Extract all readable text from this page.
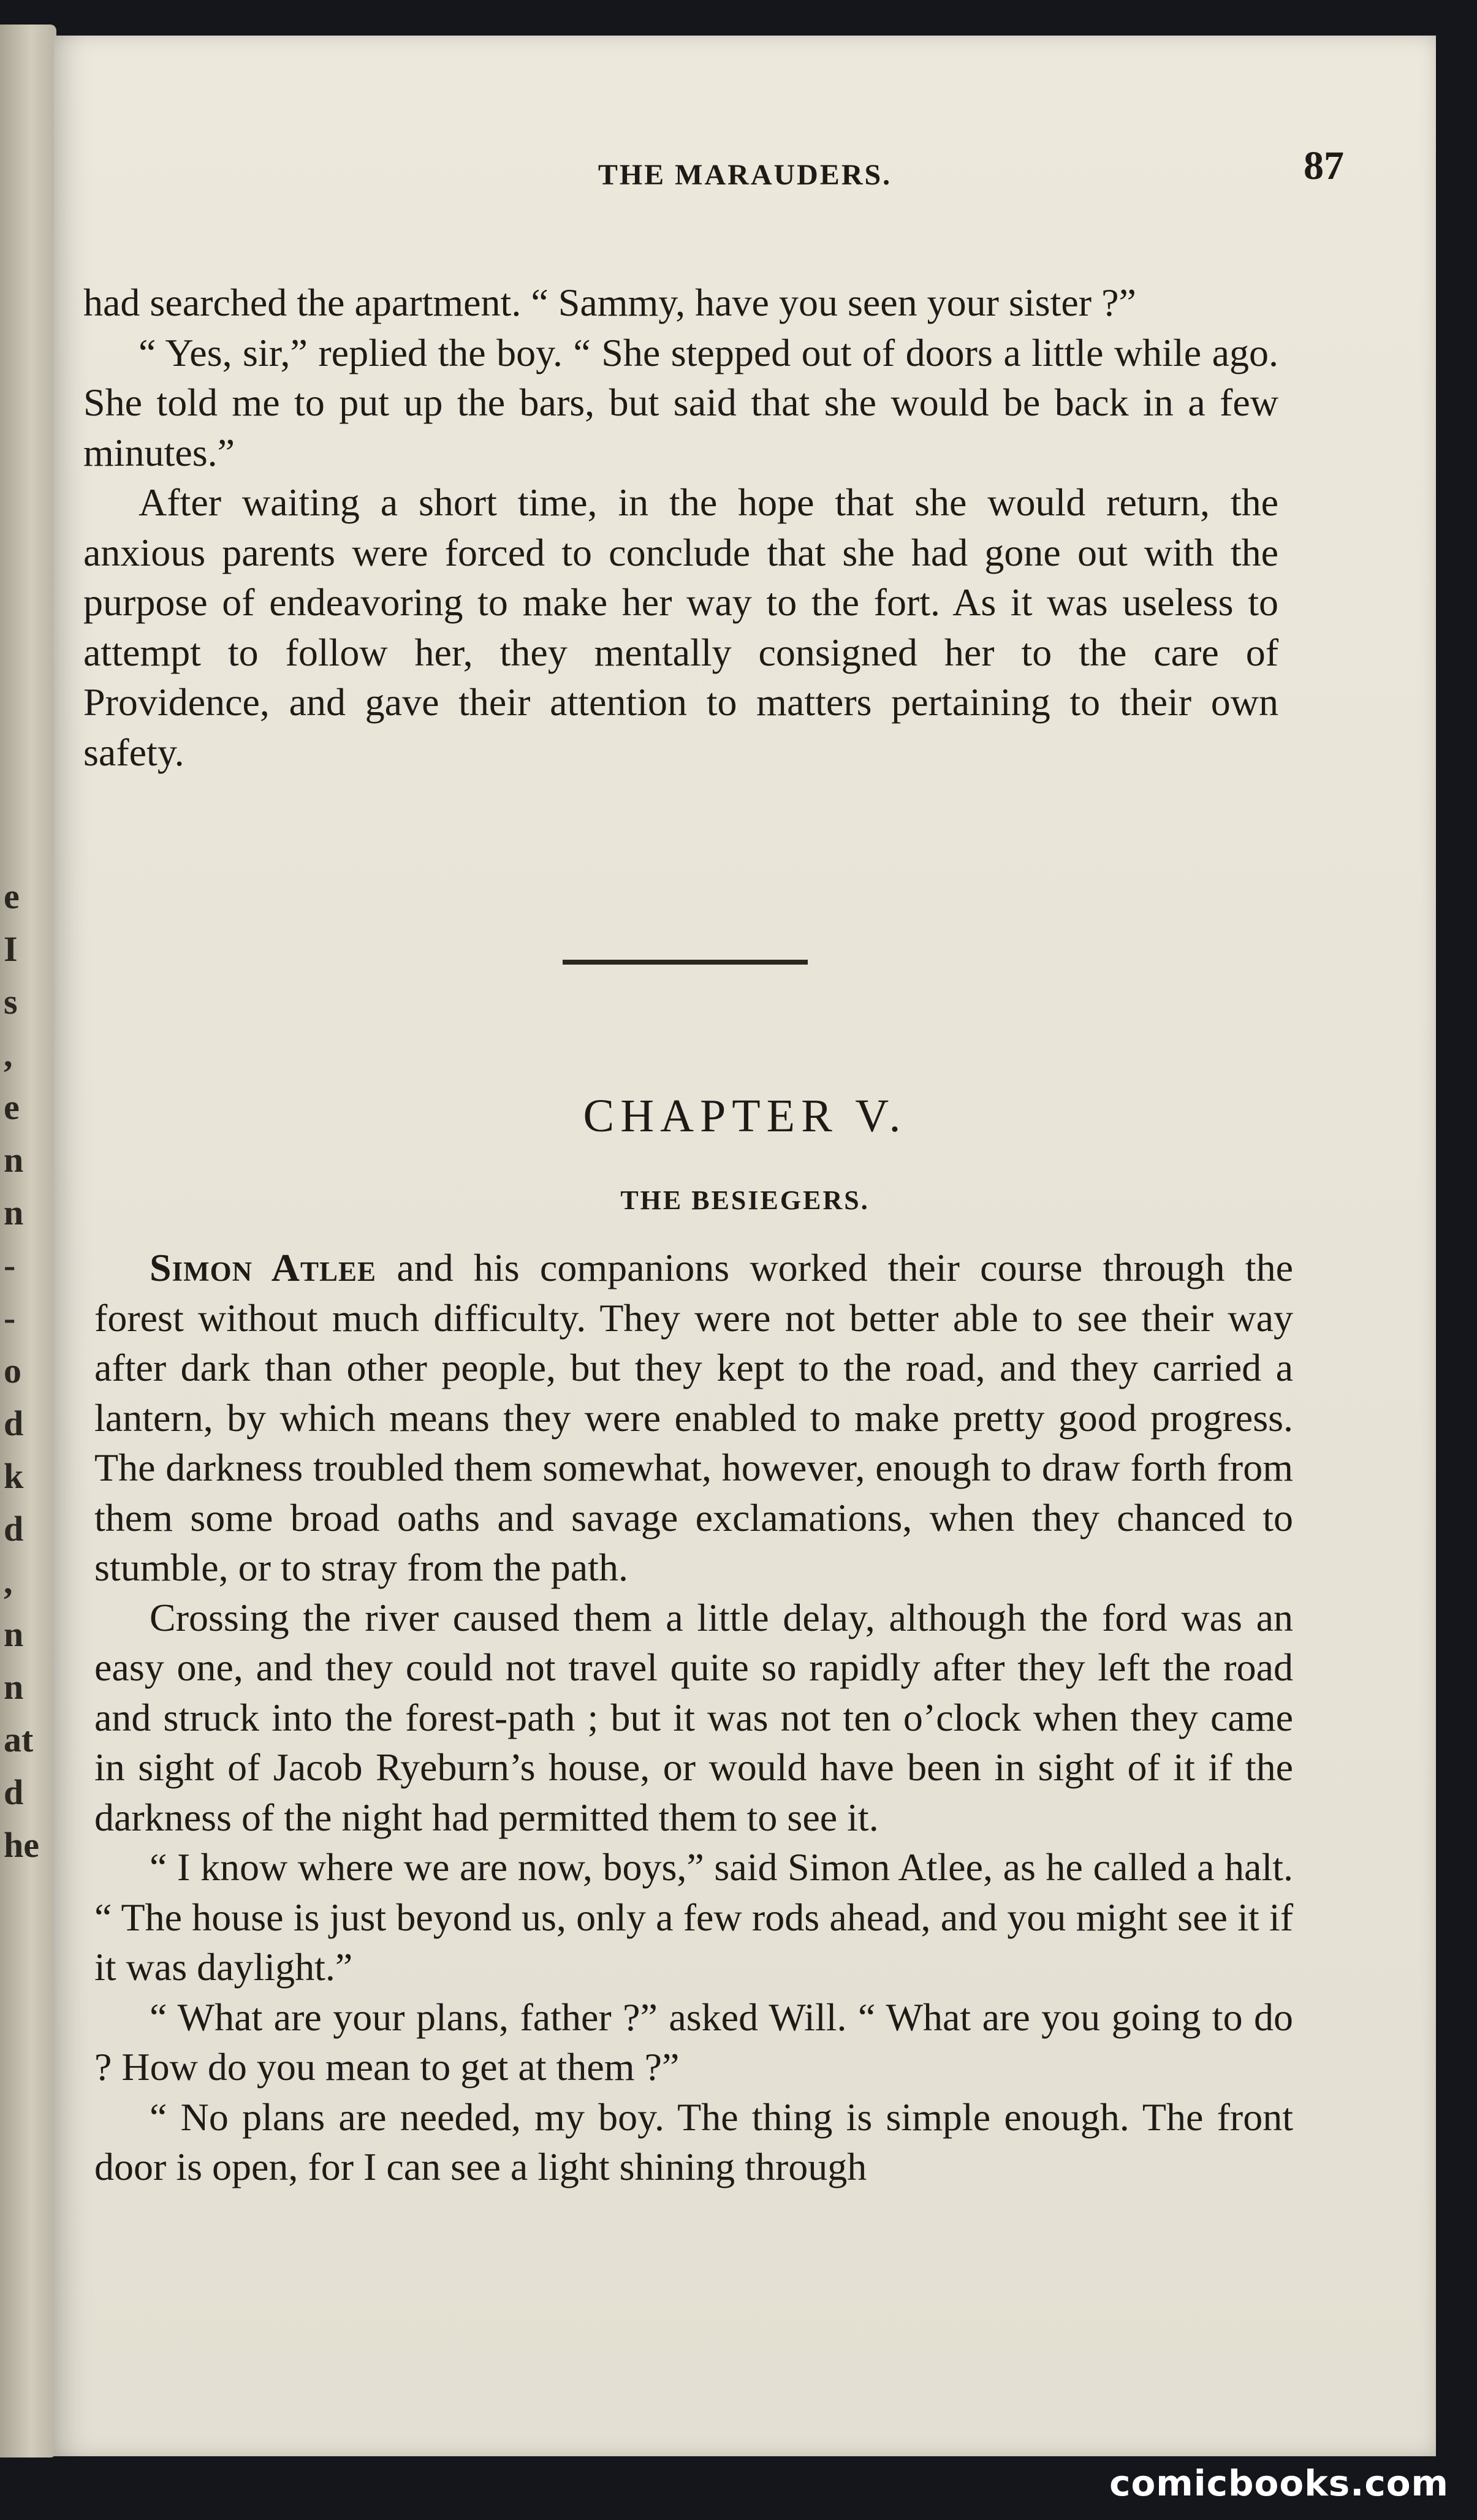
e
I
s
,
e
n
n
-
-
o
d
k
d
,
n
n
at
d
he
THE MARAUDERS.	87

had searched the apartment. “ Sammy, have you seen your sister ?”

“ Yes, sir,” replied the boy. “ She stepped out of doors a little while ago. She told me to put up the bars, but said that she would be back in a few minutes.”

After waiting a short time, in the hope that she would return, the anxious parents were forced to conclude that she had gone out with the purpose of endeavoring to make her way to the fort. As it was useless to attempt to follow her, they mentally consigned her to the care of Providence, and gave their attention to matters pertaining to their own safety.

CHAPTER V.
THE BESIEGERS.

Simon Atlee and his companions worked their course through the forest without much difficulty. They were not better able to see their way after dark than other people, but they kept to the road, and they carried a lantern, by which means they were enabled to make pretty good progress. The darkness troubled them somewhat, however, enough to draw forth from them some broad oaths and savage exclamations, when they chanced to stumble, or to stray from the path.

Crossing the river caused them a little delay, although the ford was an easy one, and they could not travel quite so rapidly after they left the road and struck into the forest-path ; but it was not ten o’clock when they came in sight of Jacob Ryeburn’s house, or would have been in sight of it if the darkness of the night had permitted them to see it.

“ I know where we are now, boys,” said Simon Atlee, as he called a halt. “ The house is just beyond us, only a few rods ahead, and you might see it if it was daylight.”

“ What are your plans, father ?” asked Will. “ What are you going to do ? How do you mean to get at them ?”

“ No plans are needed, my boy. The thing is simple enough. The front door is open, for I can see a light shining through

comicbooks.com
